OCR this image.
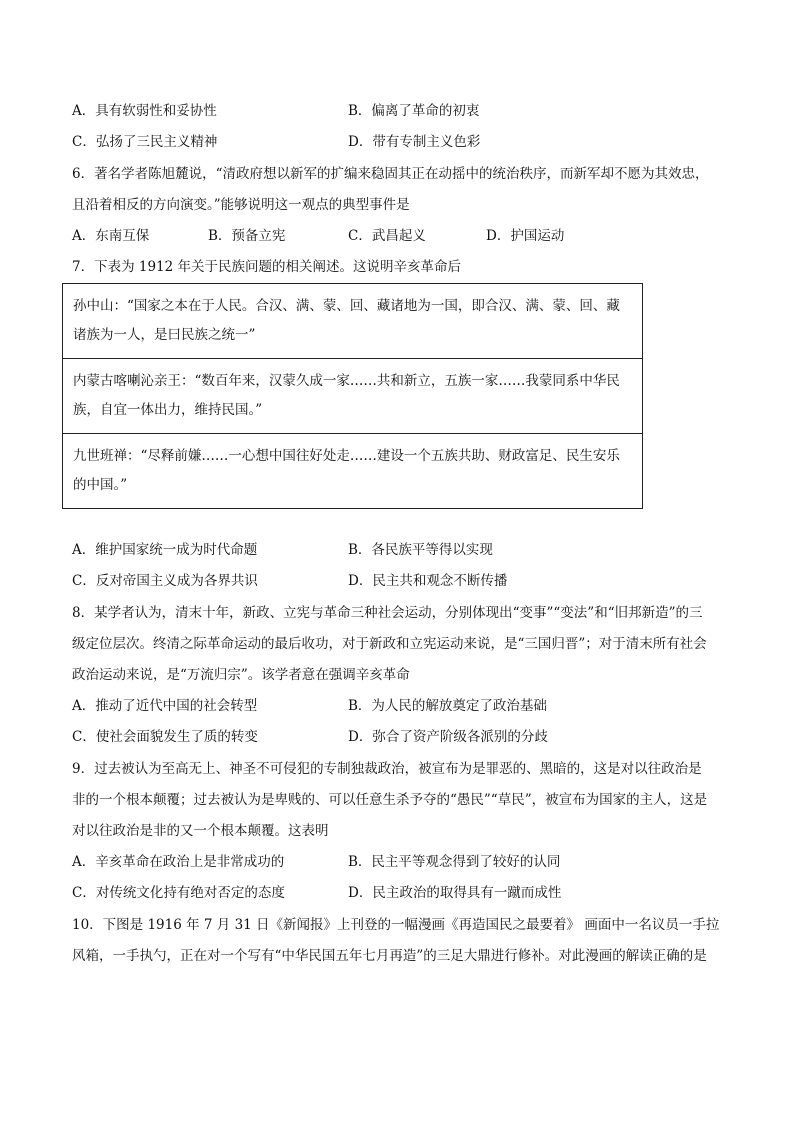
A．具有软弱性和妥协性	B．偏离了革命的初衷
C．弘扬了三民主义精神	D．带有专制主义色彩
6．著名学者陈旭麓说，“清政府想以新军的扩编来稳固其正在动摇中的统治秩序，而新军却不愿为其效忠，
且沿着相反的方向演变。”能够说明这一观点的典型事件是
A．东南互保	B．预备立宪	C．武昌起义	D．护国运动
7．下表为 1912 年关于民族问题的相关阐述。这说明辛亥革命后
孙中山：“国家之本在于人民。合汉、满、蒙、回、藏诸地为一国，即合汉、满、蒙、回、藏
诸族为一人，是曰民族之统一”

内蒙古喀喇沁亲王：“数百年来，汉蒙久成一家……共和新立，五族一家……我蒙同系中华民
族，自宜一体出力，维持民国。”

九世班禅：“尽释前嫌……一心想中国往好处走……建设一个五族共助、财政富足、民生安乐
的中国。”
A．维护国家统一成为时代命题	B．各民族平等得以实现
C．反对帝国主义成为各界共识	D．民主共和观念不断传播
8．某学者认为，清末十年，新政、立宪与革命三种社会运动，分别体现出“变事”“变法”和“旧邦新造”的三
级定位层次。终清之际革命运动的最后收功，对于新政和立宪运动来说，是“三国归晋”；对于清末所有社会
政治运动来说，是“万流归宗”。该学者意在强调辛亥革命
A．推动了近代中国的社会转型	B．为人民的解放奠定了政治基础
C．使社会面貌发生了质的转变	D．弥合了资产阶级各派别的分歧
9．过去被认为至高无上、神圣不可侵犯的专制独裁政治，被宣布为是罪恶的、黑暗的，这是对以往政治是
非的一个根本颠覆；过去被认为是卑贱的、可以任意生杀予夺的“愚民”“草民”，被宣布为国家的主人，这是
对以往政治是非的又一个根本颠覆。这表明
A．辛亥革命在政治上是非常成功的	B．民主平等观念得到了较好的认同
C．对传统文化持有绝对否定的态度	D．民主政治的取得具有一蹴而成性
10．下图是 1916 年 7 月 31 日《新闻报》上刊登的一幅漫画《再造国民之最要着》 画面中一名议员一手拉
风箱，一手执勺，正在对一个写有“中华民国五年七月再造”的三足大鼎进行修补。对此漫画的解读正确的是
